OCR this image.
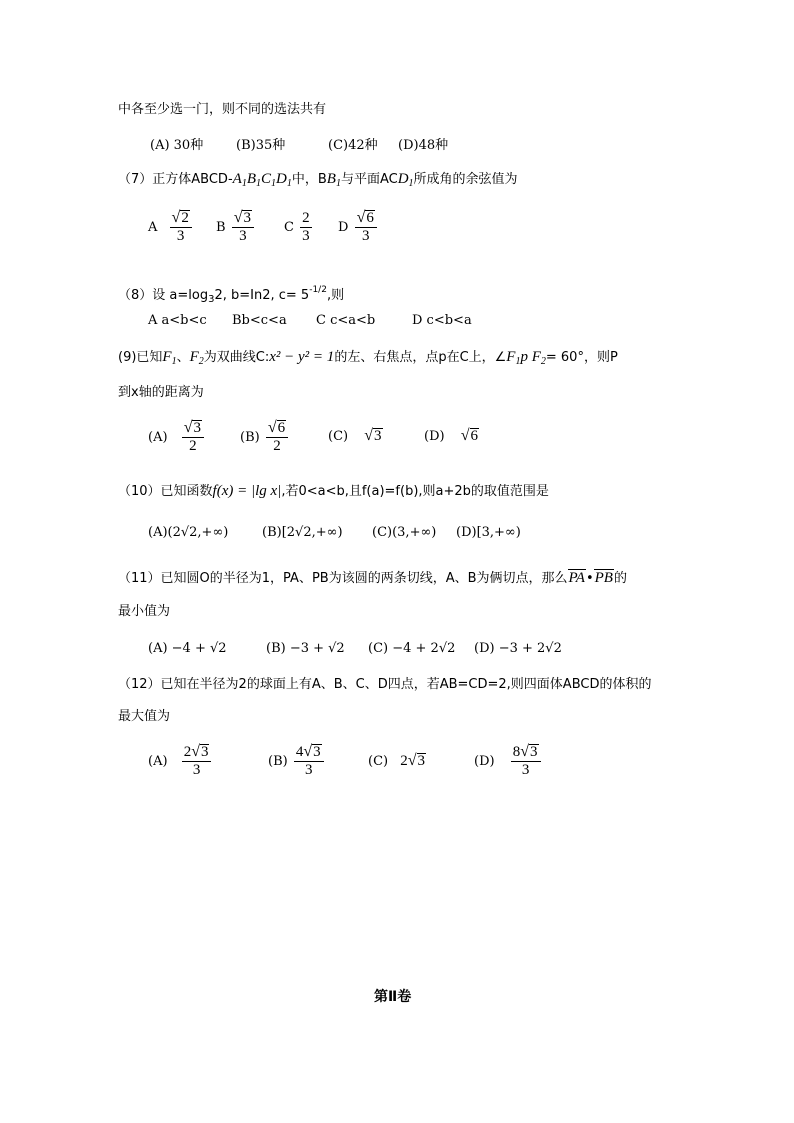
中各至少选一门，则不同的选法共有
(A) 30种	(B)35种	(C)42种 (D)48种
（7）正方体ABCD-$A_1B_1C_1D_1$中，$BB_1$与平面$ACD_1$所成角的余弦值为
A $\frac{√ 2}{3}$ B $\frac{√ 3}{3}$ C $\frac{2}{3}$ D $\frac{√ 6}{3}$
（8）设 $a=\log_32$, b=In2, $c= 5^{-1/2}$,则
A a<b<c Bb<c<a C c<a<b	D c<b<a
(9)已知$F_1$、$F_2$为双曲线C:x² − y² = 1的左、右焦点，点p在C上，$\angle F_1p$ $F_2= 60^\circ$，则P
到x轴的距离为
$(A) \frac{√ 3}{2}$	$(B) \frac{√ 6}{2}$	(C) √ 3	(D) √ 6
（10）已知函数f(x) = |lg x|,若0<a<b,且f(a)=f(b),则a+2b的取值范围是
(A)(2√2,+∞)	(B)[2√2,+∞) (C)(3,+∞) (D)[3,+∞)
（11）已知圆O的半径为1，PA、PB为该圆的两条切线，A、B为俩切点，那么PA•PB的
最小值为
(A) −4 + √2	(B) −3 + √2 (C) −4 + 2√2 (D) −3 + 2√2
（12）已知在半径为2的球面上有A、B、C、D四点，若AB=CD=2,则四面体ABCD的体积的
最大值为
$(A) \frac{2 √ 3}{3}$	$(B) \frac{4 √ 3}{3}$	(C) 2 √ 3	$(D) \frac{8 √ 3}{3}$
第Ⅱ卷
